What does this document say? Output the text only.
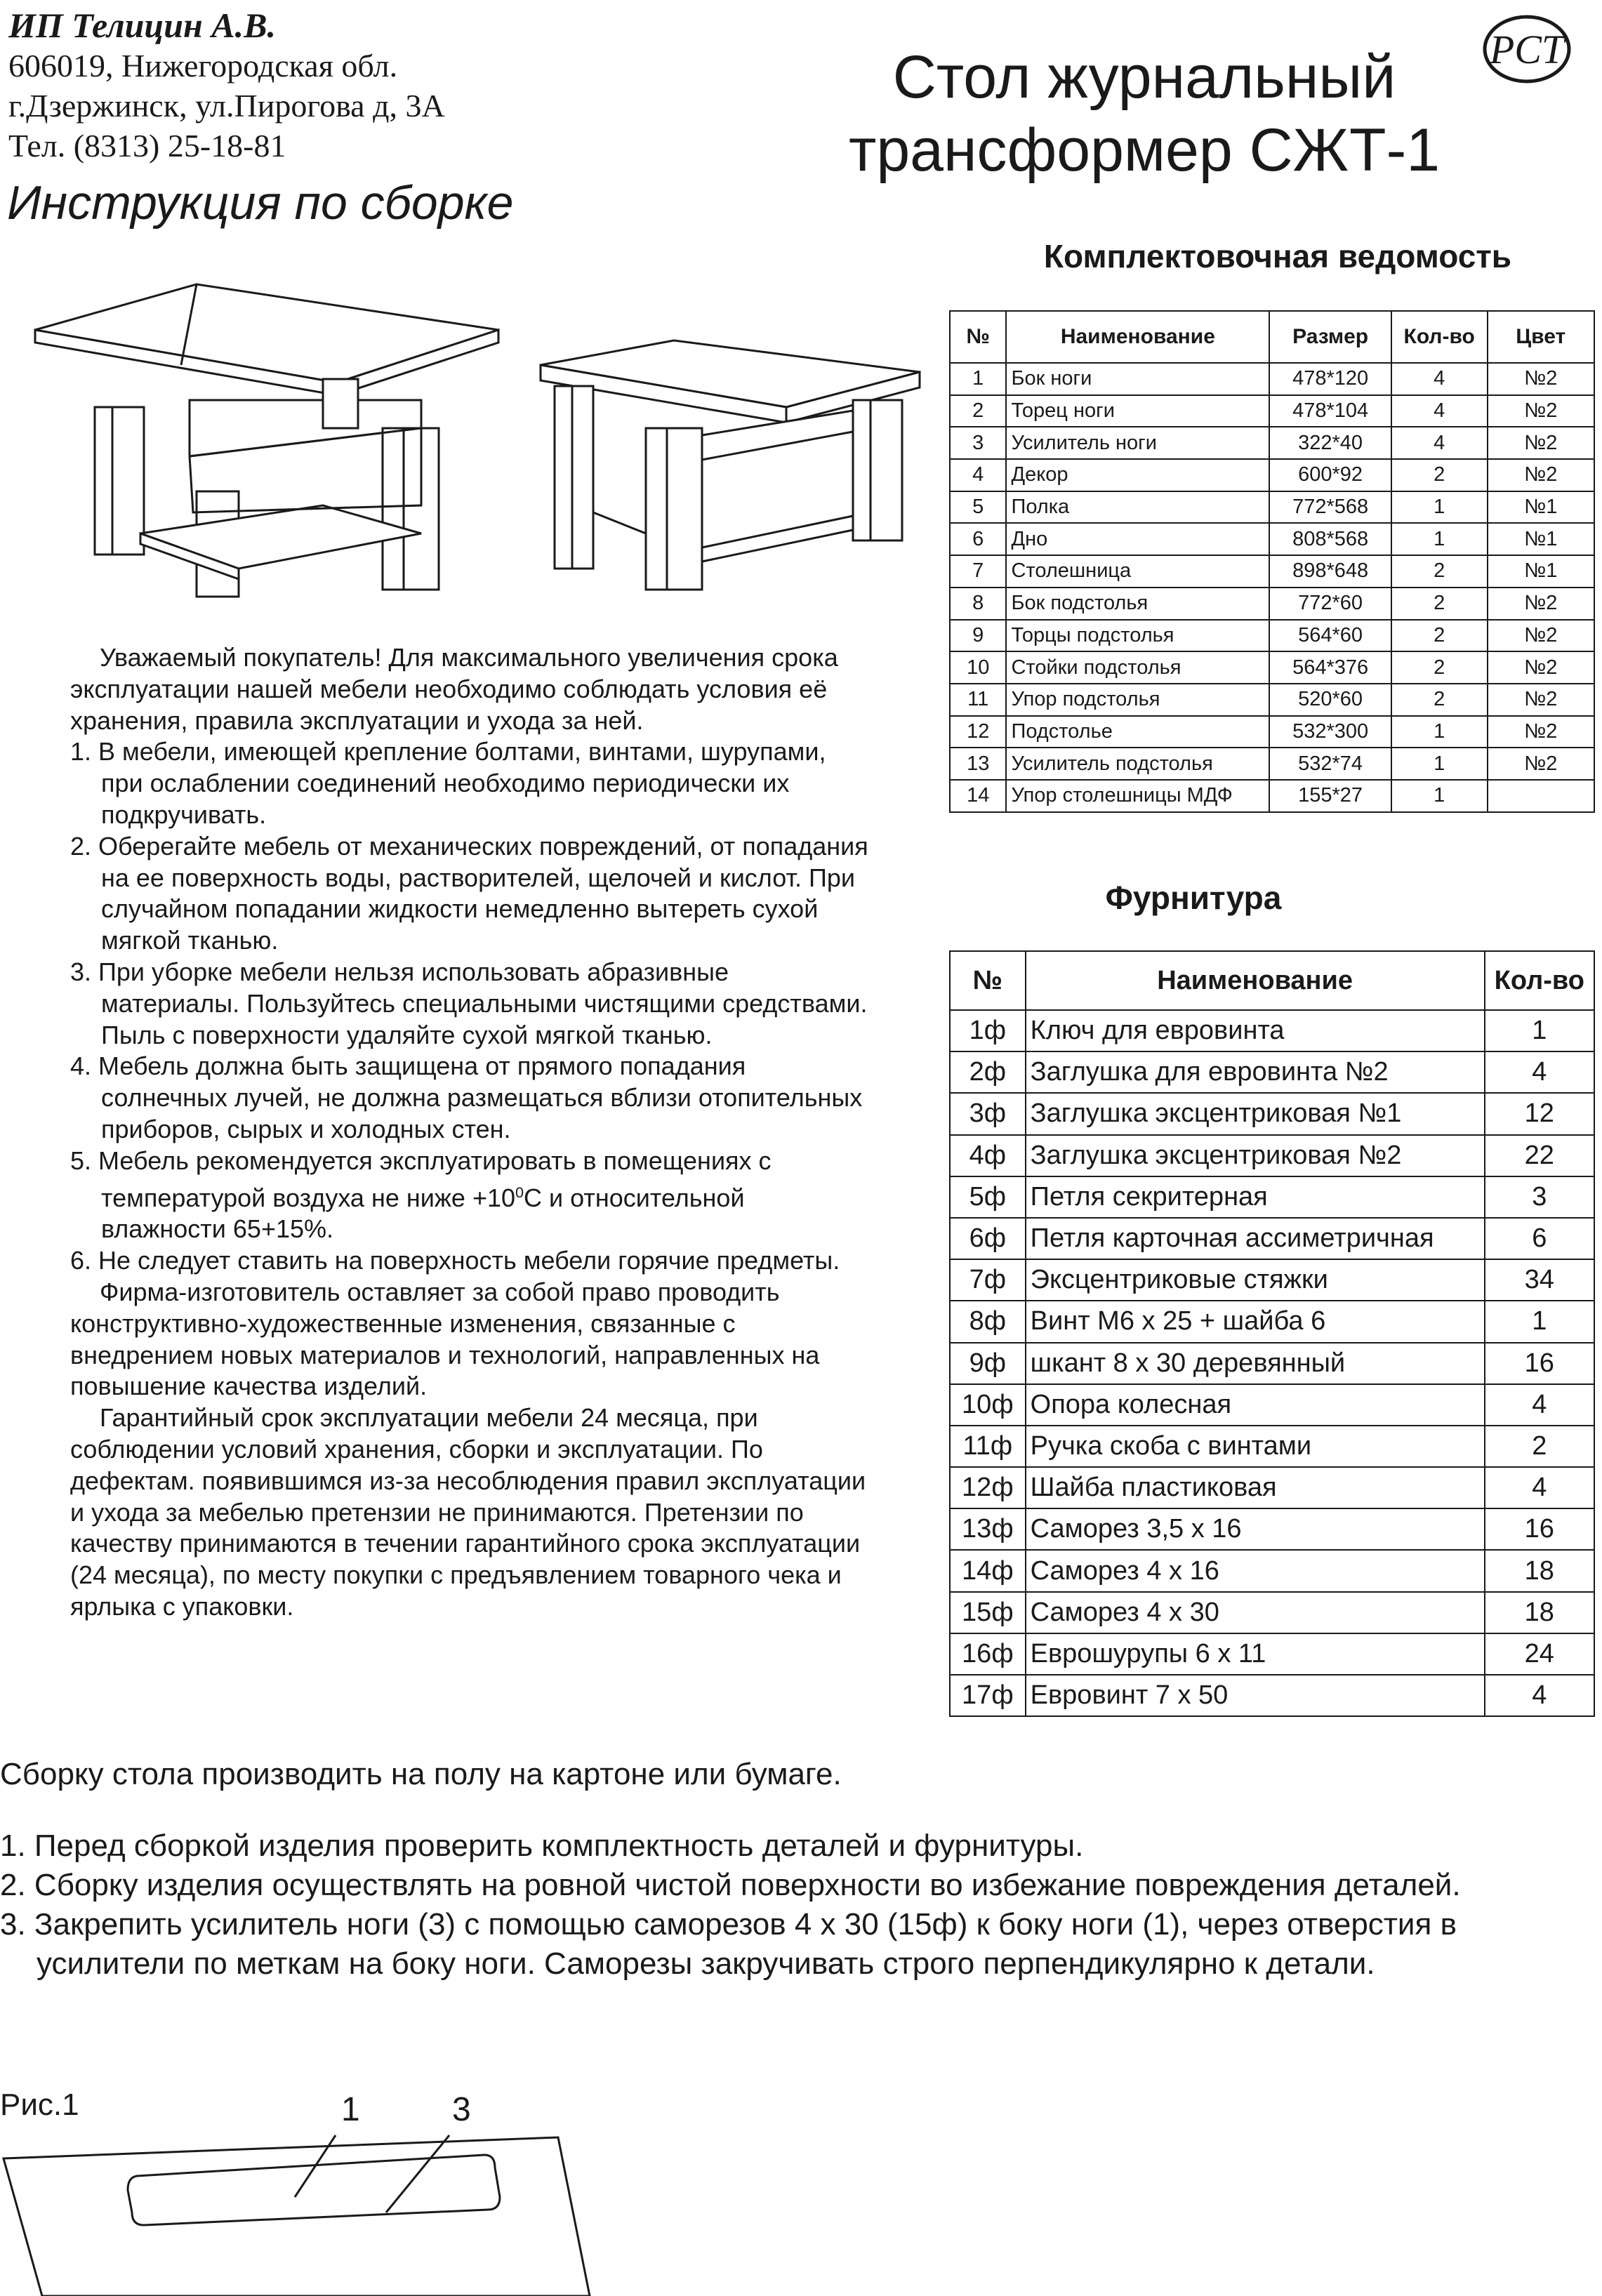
ИП Телицин А.В.
606019, Нижегородская обл.
г.Дзержинск, ул.Пирогова д, 3А
Тел. (8313) 25-18-81
Инструкция по сборке
Стол журнальный
трансформер СЖТ-1
РСТ
Комплектовочная ведомость
№	Наименование	Размер	Кол-во	Цвет
1	Бок ноги	478*120	4	№2
2	Торец ноги	478*104	4	№2
3	Усилитель ноги	322*40	4	№2
4	Декор	600*92	2	№2
5	Полка	772*568	1	№1
6	Дно	808*568	1	№1
7	Столешница	898*648	2	№1
8	Бок подстолья	772*60	2	№2
9	Торцы подстолья	564*60	2	№2
10	Стойки подстолья	564*376	2	№2
11	Упор подстолья	520*60	2	№2
12	Подстолье	532*300	1	№2
13	Усилитель подстолья	532*74	1	№2
14	Упор столешницы МДФ	155*27	1	
Фурнитура
№	Наименование	Кол-во
1ф	Ключ для евровинта	1
2ф	Заглушка для евровинта №2	4
3ф	Заглушка эксцентриковая №1	12
4ф	Заглушка эксцентриковая №2	22
5ф	Петля секритерная	3
6ф	Петля карточная ассиметричная	6
7ф	Эксцентриковые стяжки	34
8ф	Винт М6 х 25 + шайба 6	1
9ф	шкант 8 х 30 деревянный	16
10ф	Опора колесная	4
11ф	Ручка скоба с винтами	2
12ф	Шайба пластиковая	4
13ф	Саморез 3,5 х 16	16
14ф	Саморез 4 х 16	18
15ф	Саморез 4 х 30	18
16ф	Еврошурупы 6 х 11	24
17ф	Евровинт 7 х 50	4

Уважаемый покупатель! Для максимального увеличения срока эксплуатации нашей мебели необходимо соблюдать условия её хранения, правила эксплуатации и ухода за ней.

1. В мебели, имеющей крепление болтами, винтами, шурупами, при ослаблении соединений необходимо периодически их подкручивать.

2. Оберегайте мебель от механических повреждений, от попадания на ее поверхность воды, растворителей, щелочей и кислот. При случайном попадании жидкости немедленно вытереть сухой мягкой тканью.

3. При уборке мебели нельзя использовать абразивные материалы. Пользуйтесь специальными чистящими средствами. Пыль с поверхности удаляйте сухой мягкой тканью.

4. Мебель должна быть защищена от прямого попадания солнечных лучей, не должна размещаться вблизи отопительных приборов, сырых и холодных стен.

5. Мебель рекомендуется эксплуатировать в помещениях с температурой воздуха не ниже $+10^0С$ и относительной влажности 65+15%.

6. Не следует ставить на поверхность мебели горячие предметы.

Фирма-изготовитель оставляет за собой право проводить конструктивно-художественные изменения, связанные с внедрением новых материалов и технологий, направленных на повышение качества изделий.

Гарантийный срок эксплуатации мебели 24 месяца, при соблюдении условий хранения, сборки и эксплуатации. По дефектам. появившимся из-за несоблюдения правил эксплуатации и ухода за мебелью претензии не принимаются. Претензии по качеству принимаются в течении гарантийного срока эксплуатации (24 месяца), по месту покупки с предъявлением товарного чека и ярлыка с упаковки.

Сборку стола производить на полу на картоне или бумаге.

1. Перед сборкой изделия проверить комплектность деталей и фурнитуры.

2. Сборку изделия осуществлять на ровной чистой поверхности во избежание повреждения деталей.

3. Закрепить усилитель ноги (3) с помощью саморезов 4 х 30 (15ф) к боку ноги (1), через отверстия в усилители по меткам на боку ноги. Саморезы закручивать строго перпендикулярно к детали.

Рис.1	1	3
